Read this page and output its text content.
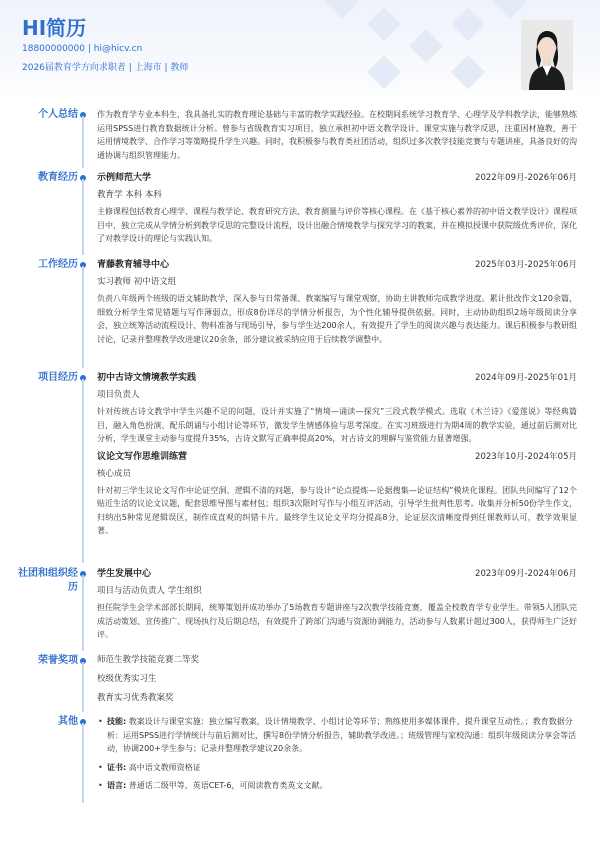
HI简历
18800000000 | hi@hicv.cn
2026届教育学方向求职者 | 上海市 | 教师
个人总结 作为教育学专业本科生，我具备扎实的教育理论基础与丰富的教学实践经验。在校期间系统学习教育学、心理学及学科教学法，能够熟练运用SPSS进行教育数据统计分析。曾参与省级教育实习项目，独立承担初中语文教学设计、课堂实施与教学反思，注重因材施教，善于运用情境教学、合作学习等策略提升学生兴趣。同时，我积极参与教育类社团活动，组织过多次教学技能竞赛与专题讲座，具备良好的沟通协调与组织管理能力。

教育经历 示例师范大学	2022年09月-2026年06月
教育学 本科 本科

主修课程包括教育心理学、课程与教学论、教育研究方法、教育测量与评价等核心课程。在《基于核心素养的初中语文教学设计》课程项目中，独立完成从学情分析到教学反思的完整设计流程，设计出融合情境教学与探究学习的教案，并在模拟授课中获院级优秀评价，深化了对教学设计的理论与实践认知。

工作经历 青藤教育辅导中心	2025年03月-2025年06月
实习教师 初中语文组

负责八年级两个班级的语文辅助教学，深入参与日常备课、教案编写与课堂观察，协助主讲教师完成教学进度。累计批改作文120余篇，细致分析学生常见错题与写作薄弱点，形成8份详尽的学情分析报告，为个性化辅导提供依据。同时，主动协助组织2场年级阅读分享会，独立统筹活动流程设计、物料准备与现场引导，参与学生达200余人，有效提升了学生的阅读兴趣与表达能力。课后积极参与教研组讨论，记录并整理教学改进建议20余条，部分建议被采纳应用于后续教学调整中。

项目经历 初中古诗文情境教学实践	2024年09月-2025年01月
项目负责人

针对传统古诗文教学中学生兴趣不足的问题，设计并实施了“情境—诵读—探究”三段式教学模式。选取《木兰诗》《爱莲说》等经典篇目，融入角色扮演、配乐朗诵与小组讨论等环节，激发学生情感体验与思考深度。在实习班级进行为期4周的教学实验，通过前后测对比分析，学生课堂主动参与度提升35%，古诗文默写正确率提高20%，对古诗文的理解与鉴赏能力显著增强。

议论文写作思维训练营	2023年10月-2024年05月
核心成员

针对初三学生议论文写作中论证空洞、逻辑不清的问题，参与设计“论点提炼—论据搜集—论证结构”模块化课程。团队共同编写了12个贴近生活的议论文议题，配套思维导图与素材包；组织3次限时写作与小组互评活动，引导学生批判性思考。收集并分析50份学生作文，归纳出5种常见逻辑误区，制作成直观的纠错卡片。最终学生议论文平均分提高8分，论证层次清晰度得到任课教师认可，教学效果显著。

社团和组织经历
学生发展中心	2023年09月-2024年06月
项目与活动负责人 学生组织

担任院学生会学术部部长期间，统筹策划并成功举办了5场教育专题讲座与2次教学技能竞赛，覆盖全校教育学专业学生。带领5人团队完成活动策划、宣传推广、现场执行及后期总结，有效提升了跨部门沟通与资源协调能力，活动参与人数累计超过300人，获得师生广泛好评。

荣誉奖项 师范生教学技能竞赛二等奖
校级优秀实习生
教育实习优秀教案奖
其他	• 技能: 教案设计与课堂实施：独立编写教案，设计情境教学、小组讨论等环节；熟练使用多媒体课件，提升课堂互动性。；教育数据分析：运用SPSS进行学情统计与前后测对比，撰写8份学情分析报告，辅助教学改进。；班级管理与家校沟通：组织年级阅读分享会等活动，协调200+学生参与；记录并整理教学建议20余条。
• 证书: 高中语文教师资格证
• 语言: 普通话二级甲等，英语CET-6，可阅读教育类英文文献。
